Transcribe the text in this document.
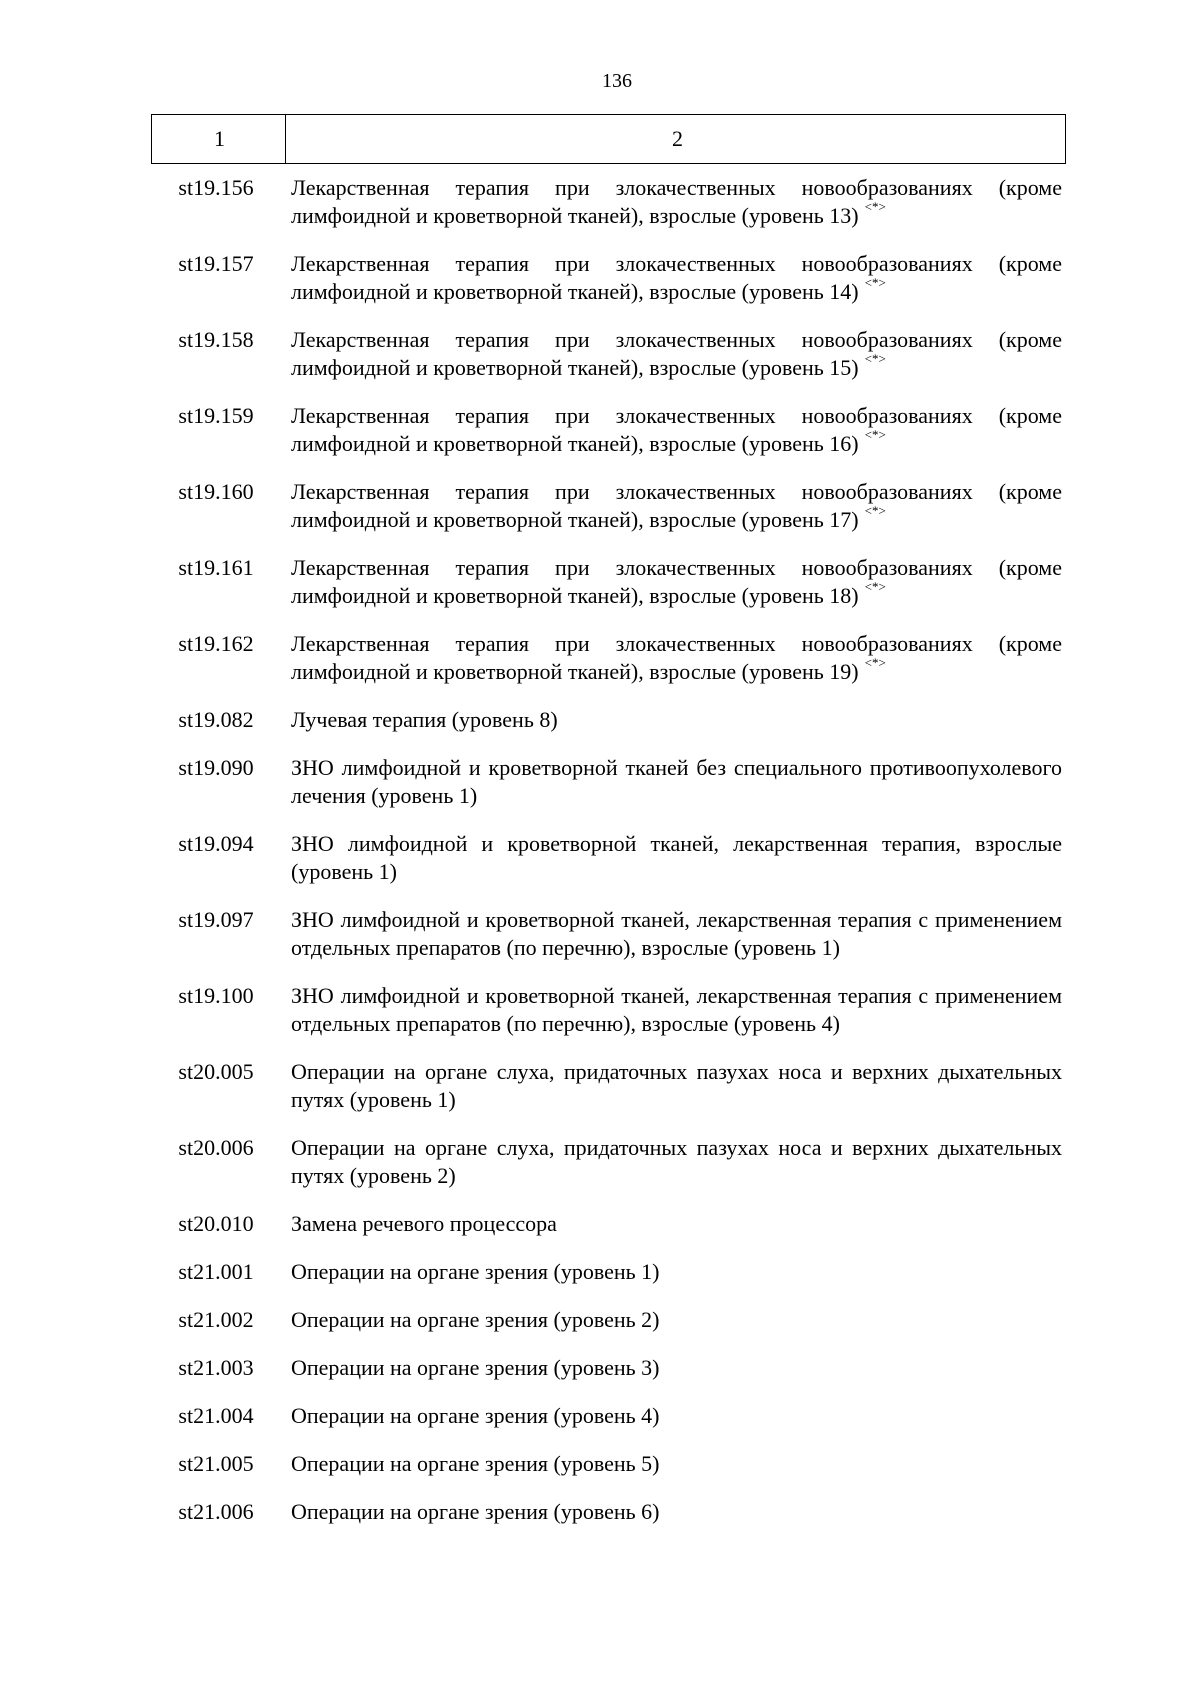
136
1	2
st19.156	Лекарственная терапия при злокачественных новообразованиях (кроме лимфоидной и кроветворной тканей), взрослые (уровень 13) <*>
st19.157	Лекарственная терапия при злокачественных новообразованиях (кроме лимфоидной и кроветворной тканей), взрослые (уровень 14) <*>
st19.158	Лекарственная терапия при злокачественных новообразованиях (кроме лимфоидной и кроветворной тканей), взрослые (уровень 15) <*>
st19.159	Лекарственная терапия при злокачественных новообразованиях (кроме лимфоидной и кроветворной тканей), взрослые (уровень 16) <*>
st19.160	Лекарственная терапия при злокачественных новообразованиях (кроме лимфоидной и кроветворной тканей), взрослые (уровень 17) <*>
st19.161	Лекарственная терапия при злокачественных новообразованиях (кроме лимфоидной и кроветворной тканей), взрослые (уровень 18) <*>
st19.162	Лекарственная терапия при злокачественных новообразованиях (кроме лимфоидной и кроветворной тканей), взрослые (уровень 19) <*>
st19.082	Лучевая терапия (уровень 8)
st19.090	ЗНО лимфоидной и кроветворной тканей без специального противоопухолевого лечения (уровень 1)
st19.094	ЗНО лимфоидной и кроветворной тканей, лекарственная терапия, взрослые (уровень 1)
st19.097	ЗНО лимфоидной и кроветворной тканей, лекарственная терапия с применением отдельных препаратов (по перечню), взрослые (уровень 1)
st19.100	ЗНО лимфоидной и кроветворной тканей, лекарственная терапия с применением отдельных препаратов (по перечню), взрослые (уровень 4)
st20.005	Операции на органе слуха, придаточных пазухах носа и верхних дыхательных путях (уровень 1)
st20.006	Операции на органе слуха, придаточных пазухах носа и верхних дыхательных путях (уровень 2)
st20.010	Замена речевого процессора
st21.001	Операции на органе зрения (уровень 1)
st21.002	Операции на органе зрения (уровень 2)
st21.003	Операции на органе зрения (уровень 3)
st21.004	Операции на органе зрения (уровень 4)
st21.005	Операции на органе зрения (уровень 5)
st21.006	Операции на органе зрения (уровень 6)
